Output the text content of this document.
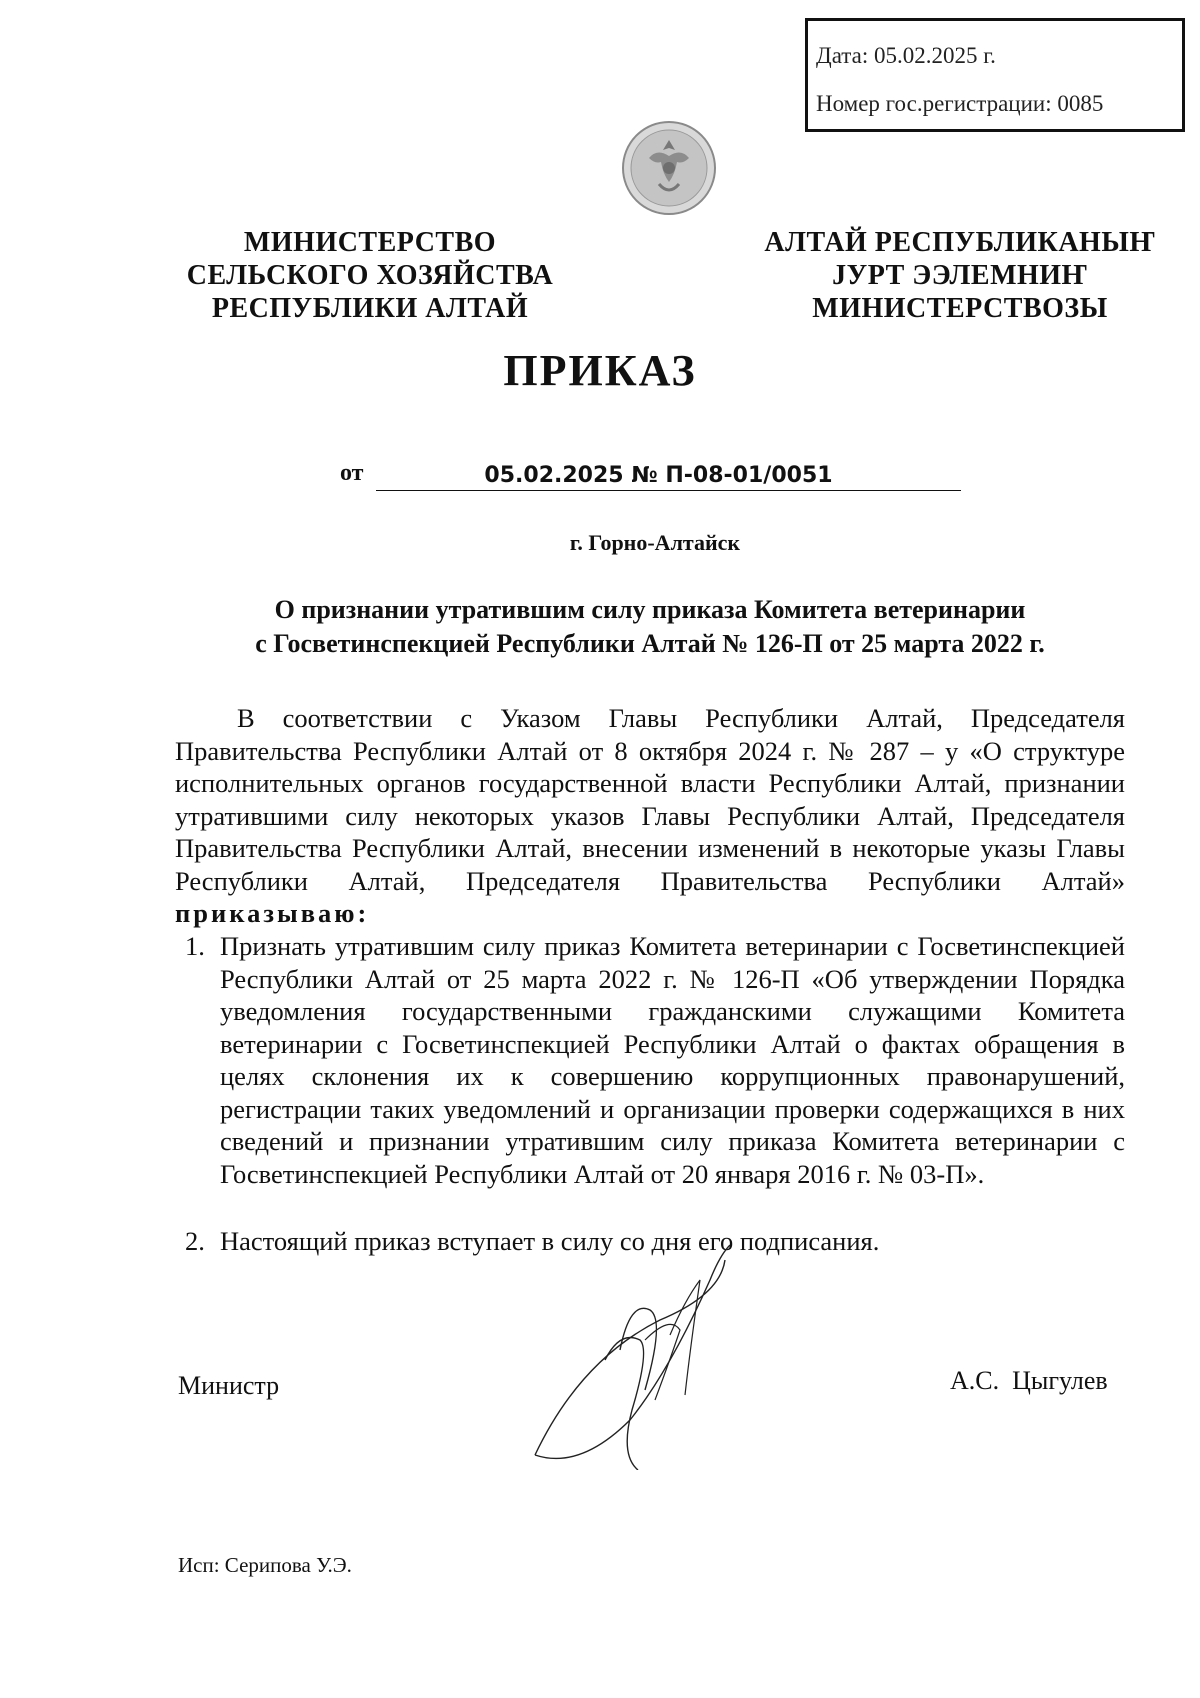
Дата: 05.02.2025 г.
Номер гос.регистрации: 0085
МИНИСТЕРСТВО
СЕЛЬСКОГО ХОЗЯЙСТВА
РЕСПУБЛИКИ АЛТАЙ
АЛТАЙ РЕСПУБЛИКАНЫҤ
ЈУРТ ЭЭЛЕМНИҤ
МИНИСТЕРСТВОЗЫ
ПРИКАЗ
от	05.02.2025 № П-08-01/0051
г. Горно-Алтайск
О признании утратившим силу приказа Комитета ветеринарии
с Госветинспекцией Республики Алтай № 126-П от 25 марта 2022 г.
В соответствии с Указом Главы Республики Алтай, Председателя Правительства Республики Алтай от 8 октября 2024 г. № 287 – у «О структуре исполнительных органов государственной власти Республики Алтай, признании утратившими силу некоторых указов Главы Республики Алтай, Председателя Правительства Республики Алтай, внесении изменений в некоторые указы Главы Республики Алтай, Председателя Правительства Республики Алтай» приказываю:
1. Признать утратившим силу приказ Комитета ветеринарии с Госветинспекцией Республики Алтай от 25 марта 2022 г. № 126-П «Об утверждении Порядка уведомления государственными гражданскими служащими Комитета ветеринарии с Госветинспекцией Республики Алтай о фактах обращения в целях склонения их к совершению коррупционных правонарушений, регистрации таких уведомлений и организации проверки содержащихся в них сведений и признании утратившим силу приказа Комитета ветеринарии с Госветинспекцией Республики Алтай от 20 января 2016 г. № 03-П».
2. Настоящий приказ вступает в силу со дня его подписания.
Министр	А.С.  Цыгулев
Исп: Серипова У.Э.
